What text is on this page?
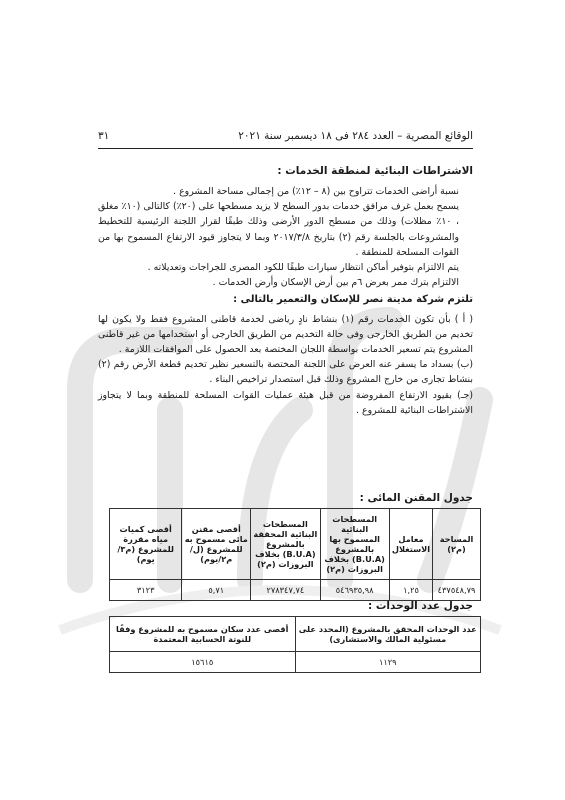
الوقائع المصرية – العدد ٢٨٤ فى ١٨ ديسمبر سنة ٢٠٢١
٣١
الاشتراطات البنائية لمنطقة الخدمات :

نسبة أراضى الخدمات تتراوح بين (٨ – ١٢٪) من إجمالى مساحة المشروع .

يسمح بعمل غرف مرافق خدمات بدور السطح لا يزيد مسطحها على (٢٠٪) كالتالى (١٠٪ مغلق ، ١٠٪ مظلات) وذلك من مسطح الدور الأرضى وذلك طبقًا لقرار اللجنة الرئيسية للتخطيط والمشروعات بالجلسة رقم (٢) بتاريخ ٢٠١٧/٣/٨ وبما لا يتجاوز قيود الارتفاع المسموح بها من القوات المسلحة للمنطقة .

يتم الالتزام بتوفير أماكن انتظار سيارات طبقًا للكود المصرى للجراجات وتعديلاته .

الالتزام بترك ممر بعرض ٦م بين أرض الإسكان وأرض الخدمات .

تلتزم شركة مدينة نصر للإسكان والتعمير بالتالى :

( أ ) بأن تكون الخدمات رقم (١) بنشاط نادٍ رياضى لخدمة قاطنى المشروع فقط ولا يكون لها تخديم من الطريق الخارجى وفى حالة التخديم من الطريق الخارجى أو استخدامها من غير قاطنى المشروع يتم تسعير الخدمات بواسطة اللجان المختصة بعد الحصول على الموافقات اللازمة .

(ب) بسداد ما يسفر عنه العرض على اللجنة المختصة بالتسعير نظير تخديم قطعة الأرض رقم (٢) بنشاط تجارى من خارج المشروع وذلك قبل استصدار تراخيص البناء .

(جـ) بقيود الارتفاع المفروضة من قبل هيئة عمليات القوات المسلحة للمنطقة وبما لا يتجاوز الاشتراطات البنائية للمشروع .

جدول المقنن المائى :
المساحة (م٢)	معامل الاستغلال	المسطحات البنائية المسموح بها بالمشروع (B.U.A) بخلاف البروزات (م٢)	المسطحات البنائية المحققة بالمشروع (B.U.A) بخلاف البروزات (م٢)	أقصى مقنن مائى مسموح به للمشروع (ل/م٢/يوم)	أقصى كميات مياه مقررة للمشروع (م٣/يوم)
٤٣٧٥٤٨,٧٩	١,٢٥	٥٤٦٩٣٥,٩٨	٢٧٨٣٤٧,٧٤	٥,٧١	٣١٢٣
جدول عدد الوحدات :
عدد الوحدات المحقق بالمشروع (المحدد على مسئولية المالك والاستشارى)	أقصى عدد سكان مسموح به للمشروع وفقًا للنوتة الحسابية المعتمدة
١١٢٩	١٥٦١٥
